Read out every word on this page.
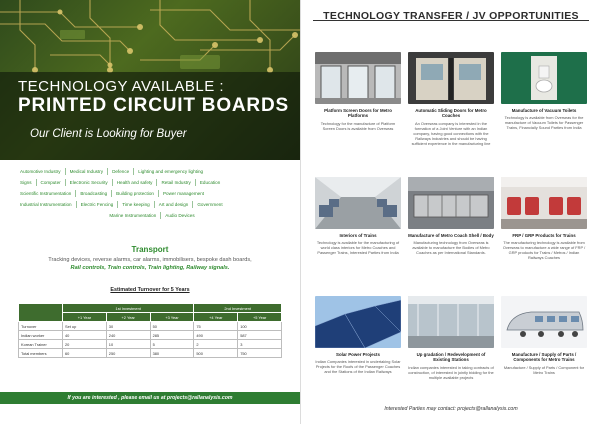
TECHNOLOGY AVAILABLE :
PRINTED CIRCUIT BOARDS
Our Client is Looking for Buyer
Automotive Industry	Medical Industry	Defence	Lighting and emergency lighting
Signs	Computer	Electronic Security	Health and safety	Retail Industry	Education
Scientific Instrumentation	Broadcasting	Building protection	Power management
Industrial Instrumentation	Electric Fencing	Time keeping	Art and design	Government
Marine Instrumentation	Audio Devices
Transport
Tracking devices, reverse alarms, car alarms, immobilisers, bespoke dash boards,
Rail controls, Train controls, Train lighting, Railway signals.
Estimated Turnover for 5 Years
	1st Investment			2nd Investment	
	+1 Year	+2 Year	+3 Year	+4 Year	+5 Year
Turnover	Set up	30	50	75	100
Indian worker	40	240	285	490	587
Korean Trainer	20	10	5	2	3
Total members	60	250	380	500	750
If you are interested , please email us at projects@rallanalysis.com
TECHNOLOGY TRANSFER / JV OPPORTUNITIES
Platform Screen Doors for Metro Platforms
Technology for the manufacture of Platform Screen Doors is available from Overseas
Automatic Sliding Doors for Metro Coaches
An Overseas company is interested in the formation of a Joint Venture with an Indian company, having good connections with the Railways Industries and should be having sufficient experience in the manufacturing line
Manufacture of Vacuum Toilets
Technology is available from Overseas for the manufacture of Vacuum Toilets for Passenger Trains, Financially Sound Parties from India
Interiors of Trains
Technology is available for the manufacturing of world class interiors for Metro Coaches and Passenger Trains, Interested Parties from India
Manufacture of Metro Coach Shell / Body
Manufacturing technology from Overseas is available to manufacture the Bodies of Metro Coaches as per International Standards.
FRP / GRP Products for Trains
The manufacturing technology is available from Overseas to manufacture a wide range of FRP / GRP products for Trains / Metros / Indian Railways Coaches
Solar Power Projects
Indian Companies interested in undertaking Solar Projects for the Roofs of the Passenger Coaches and the Stations of the Indian Railways
Up gradation / Redevelopment of Existing Stations
Indian companies interested in taking contracts of construction, of interested in jointly bidding for the multiple available projects
Manufacture / Supply of Parts / Components for Metro Trains
Manufacture / Supply of Parts / Component for Metro Trains
Interested Parties may contact: projects@rallanalysis.com
